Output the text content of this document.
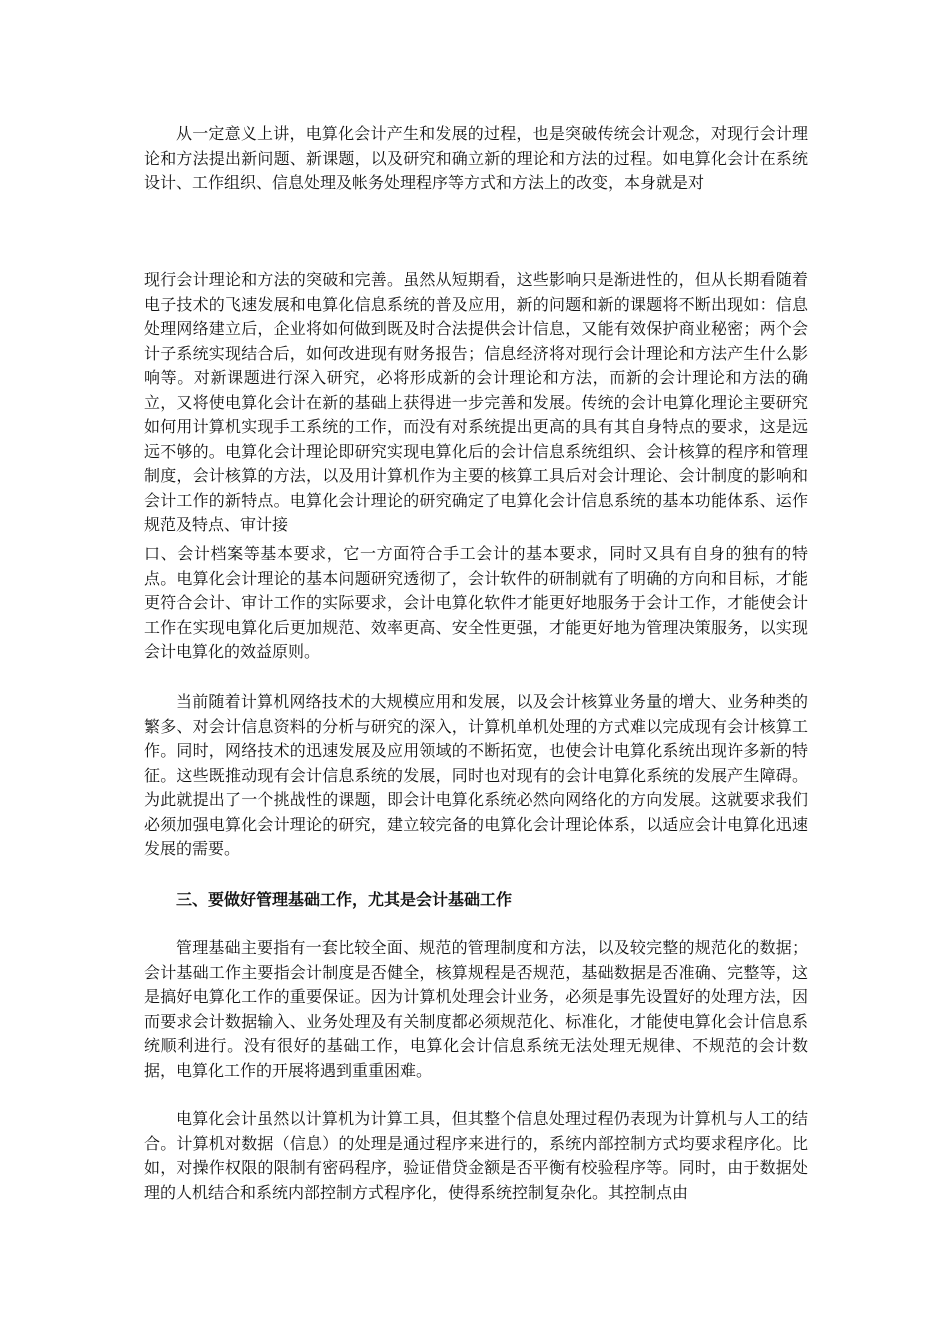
从一定意义上讲，电算化会计产生和发展的过程，也是突破传统会计观念，对现行会计理论和方法提出新问题、新课题，以及研究和确立新的理论和方法的过程。如电算化会计在系统设计、工作组织、信息处理及帐务处理程序等方式和方法上的改变，本身就是对

现行会计理论和方法的突破和完善。虽然从短期看，这些影响只是渐进性的，但从长期看随着电子技术的飞速发展和电算化信息系统的普及应用，新的问题和新的课题将不断出现如：信息处理网络建立后，企业将如何做到既及时合法提供会计信息，又能有效保护商业秘密；两个会计子系统实现结合后，如何改进现有财务报告；信息经济将对现行会计理论和方法产生什么影响等。对新课题进行深入研究，必将形成新的会计理论和方法，而新的会计理论和方法的确立，又将使电算化会计在新的基础上获得进一步完善和发展。传统的会计电算化理论主要研究如何用计算机实现手工系统的工作，而没有对系统提出更高的具有其自身特点的要求，这是远远不够的。电算化会计理论即研究实现电算化后的会计信息系统组织、会计核算的程序和管理制度，会计核算的方法，以及用计算机作为主要的核算工具后对会计理论、会计制度的影响和会计工作的新特点。电算化会计理论的研究确定了电算化会计信息系统的基本功能体系、运作规范及特点、审计接

口、会计档案等基本要求，它一方面符合手工会计的基本要求，同时又具有自身的独有的特点。电算化会计理论的基本问题研究透彻了，会计软件的研制就有了明确的方向和目标，才能更符合会计、审计工作的实际要求，会计电算化软件才能更好地服务于会计工作，才能使会计工作在实现电算化后更加规范、效率更高、安全性更强，才能更好地为管理决策服务，以实现会计电算化的效益原则。

当前随着计算机网络技术的大规模应用和发展，以及会计核算业务量的增大、业务种类的繁多、对会计信息资料的分析与研究的深入，计算机单机处理的方式难以完成现有会计核算工作。同时，网络技术的迅速发展及应用领域的不断拓宽，也使会计电算化系统出现许多新的特征。这些既推动现有会计信息系统的发展，同时也对现有的会计电算化系统的发展产生障碍。为此就提出了一个挑战性的课题，即会计电算化系统必然向网络化的方向发展。这就要求我们必须加强电算化会计理论的研究，建立较完备的电算化会计理论体系，以适应会计电算化迅速发展的需要。

三、要做好管理基础工作，尤其是会计基础工作

管理基础主要指有一套比较全面、规范的管理制度和方法，以及较完整的规范化的数据；会计基础工作主要指会计制度是否健全，核算规程是否规范，基础数据是否准确、完整等，这是搞好电算化工作的重要保证。因为计算机处理会计业务，必须是事先设置好的处理方法，因而要求会计数据输入、业务处理及有关制度都必须规范化、标准化，才能使电算化会计信息系统顺利进行。没有很好的基础工作，电算化会计信息系统无法处理无规律、不规范的会计数据，电算化工作的开展将遇到重重困难。

电算化会计虽然以计算机为计算工具，但其整个信息处理过程仍表现为计算机与人工的结合。计算机对数据（信息）的处理是通过程序来进行的，系统内部控制方式均要求程序化。比如，对操作权限的限制有密码程序，验证借贷金额是否平衡有校验程序等。同时，由于数据处理的人机结合和系统内部控制方式程序化，使得系统控制复杂化。其控制点由
